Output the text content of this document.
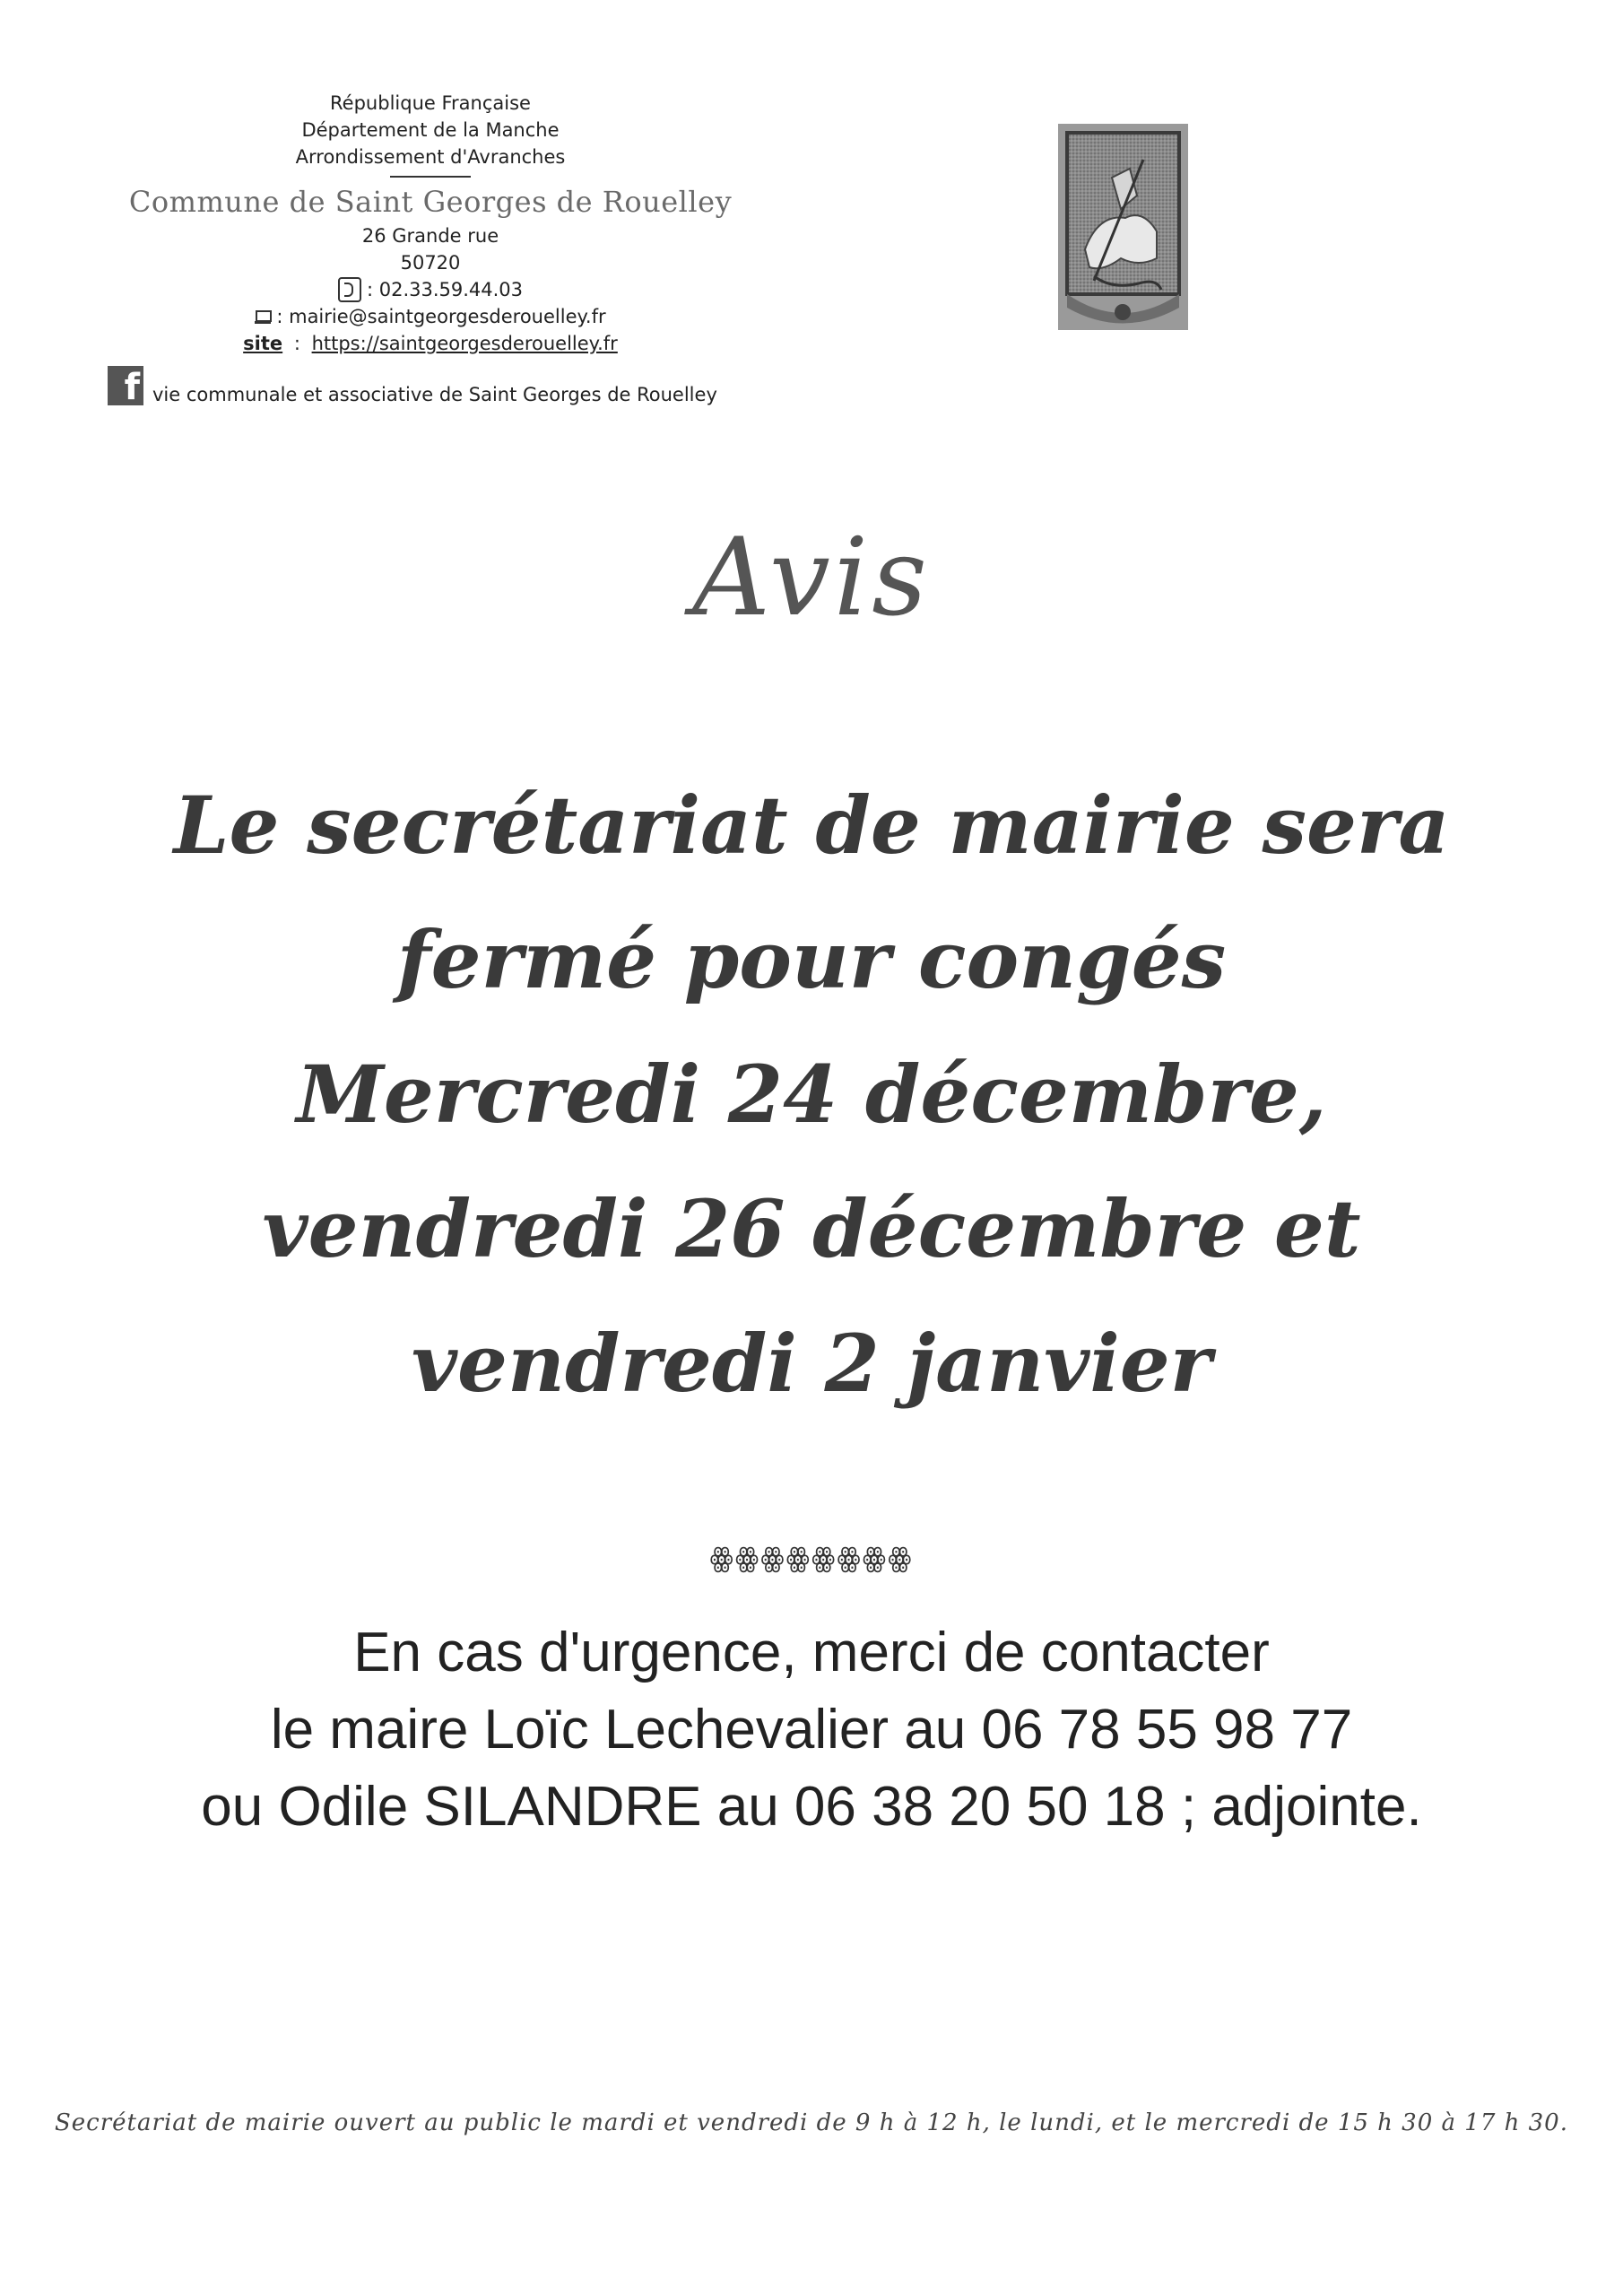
République Française
Département de la Manche
Arrondissement d'Avranches
Commune de Saint Georges de Rouelley
26 Grande rue
50720
: 02.33.59.44.03
: mairie@saintgeorgesderouelley.fr
site : https://saintgeorgesderouelley.fr
f vie communale et associative de Saint Georges de Rouelley
Avis
Le secrétariat de mairie sera
fermé pour congés
Mercredi 24 décembre,
vendredi 26 décembre et
vendredi 2 janvier
ꙮꙮꙮꙮꙮꙮꙮꙮ
En cas d'urgence, merci de contacter
le maire Loïc Lechevalier au 06 78 55 98 77
ou Odile SILANDRE au 06 38 20 50 18 ; adjointe.
Secrétariat de mairie ouvert au public le mardi et vendredi de 9 h à 12 h, le lundi, et le mercredi de 15 h 30 à 17 h 30.
